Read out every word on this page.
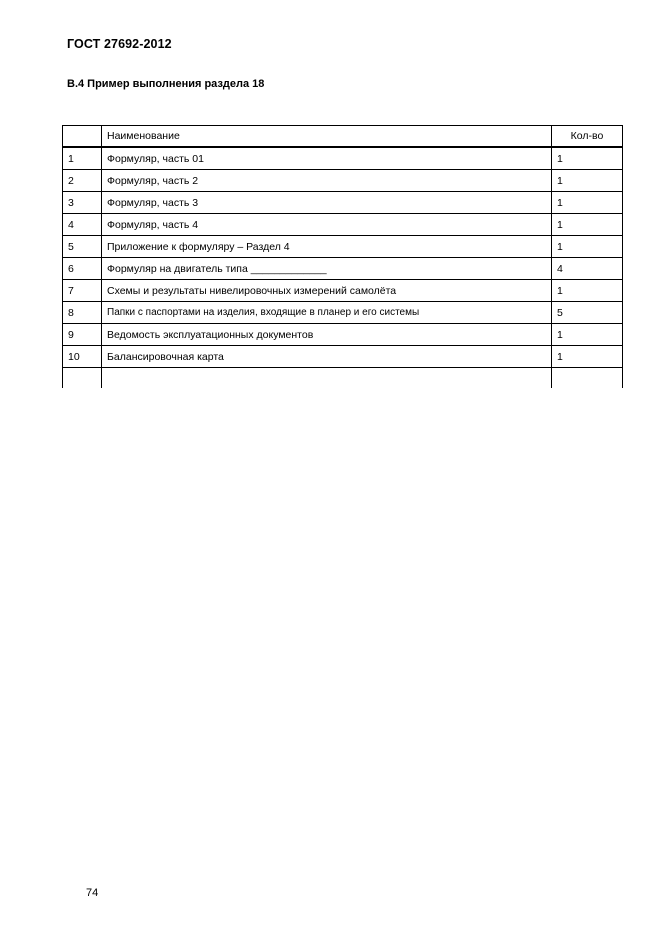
ГОСТ 27692-2012
В.4 Пример выполнения раздела 18
	Наименование	Кол-во
1	Формуляр, часть 01	1
2	Формуляр, часть 2	1
3	Формуляр, часть 3	1
4	Формуляр, часть 4	1
5	Приложение к формуляру – Раздел 4	1
6	Формуляр на двигатель типа _____________	4
7	Схемы и результаты нивелировочных измерений самолёта	1
8	Папки с паспортами на изделия, входящие в планер и его системы	5
9	Ведомость эксплуатационных документов	1
10	Балансировочная карта	1

74
